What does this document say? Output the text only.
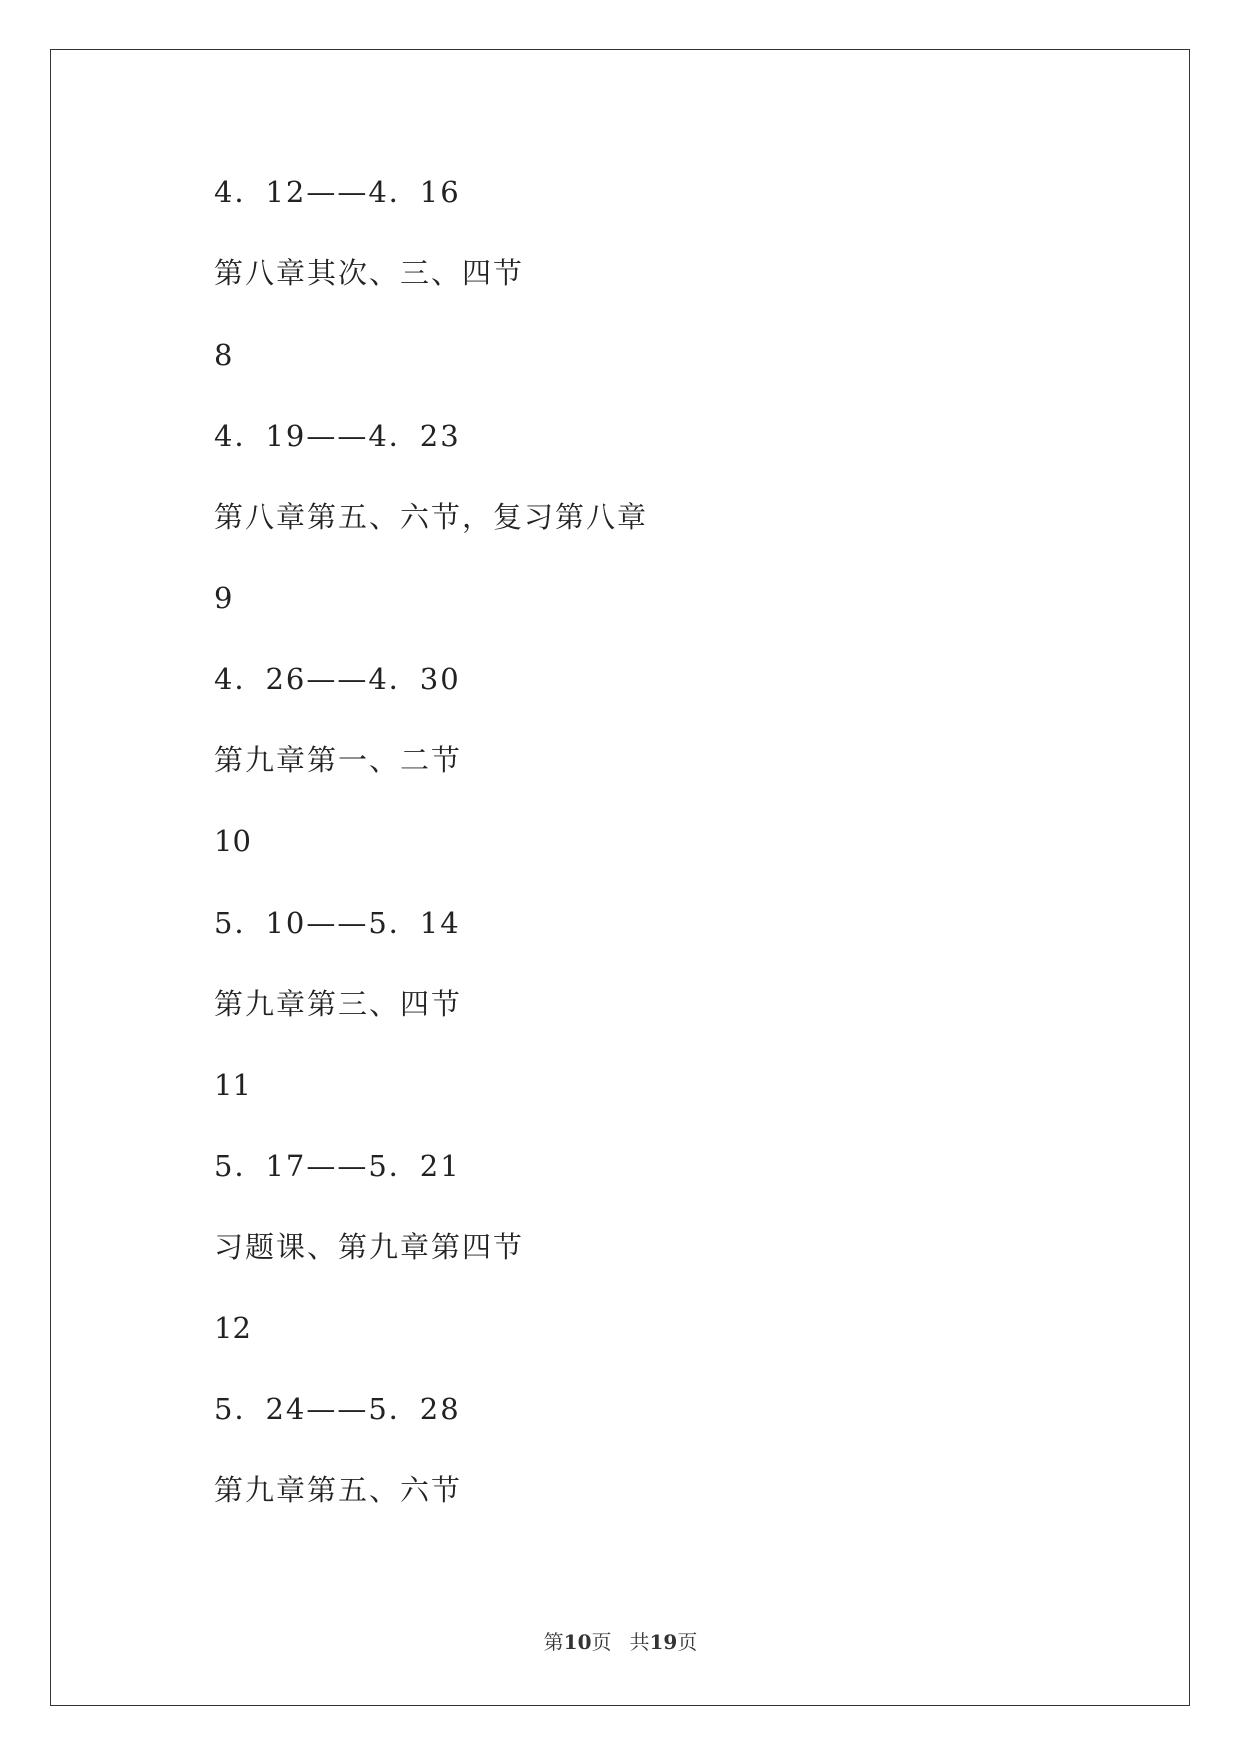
4．12——4．16
第八章其次、三、四节
8
4．19——4．23
第八章第五、六节，复习第八章
9
4．26——4．30
第九章第一、二节
10
5．10——5．14
第九章第三、四节
11
5．17——5．21
习题课、第九章第四节
12
5．24——5．28
第九章第五、六节
第10页 共19页
